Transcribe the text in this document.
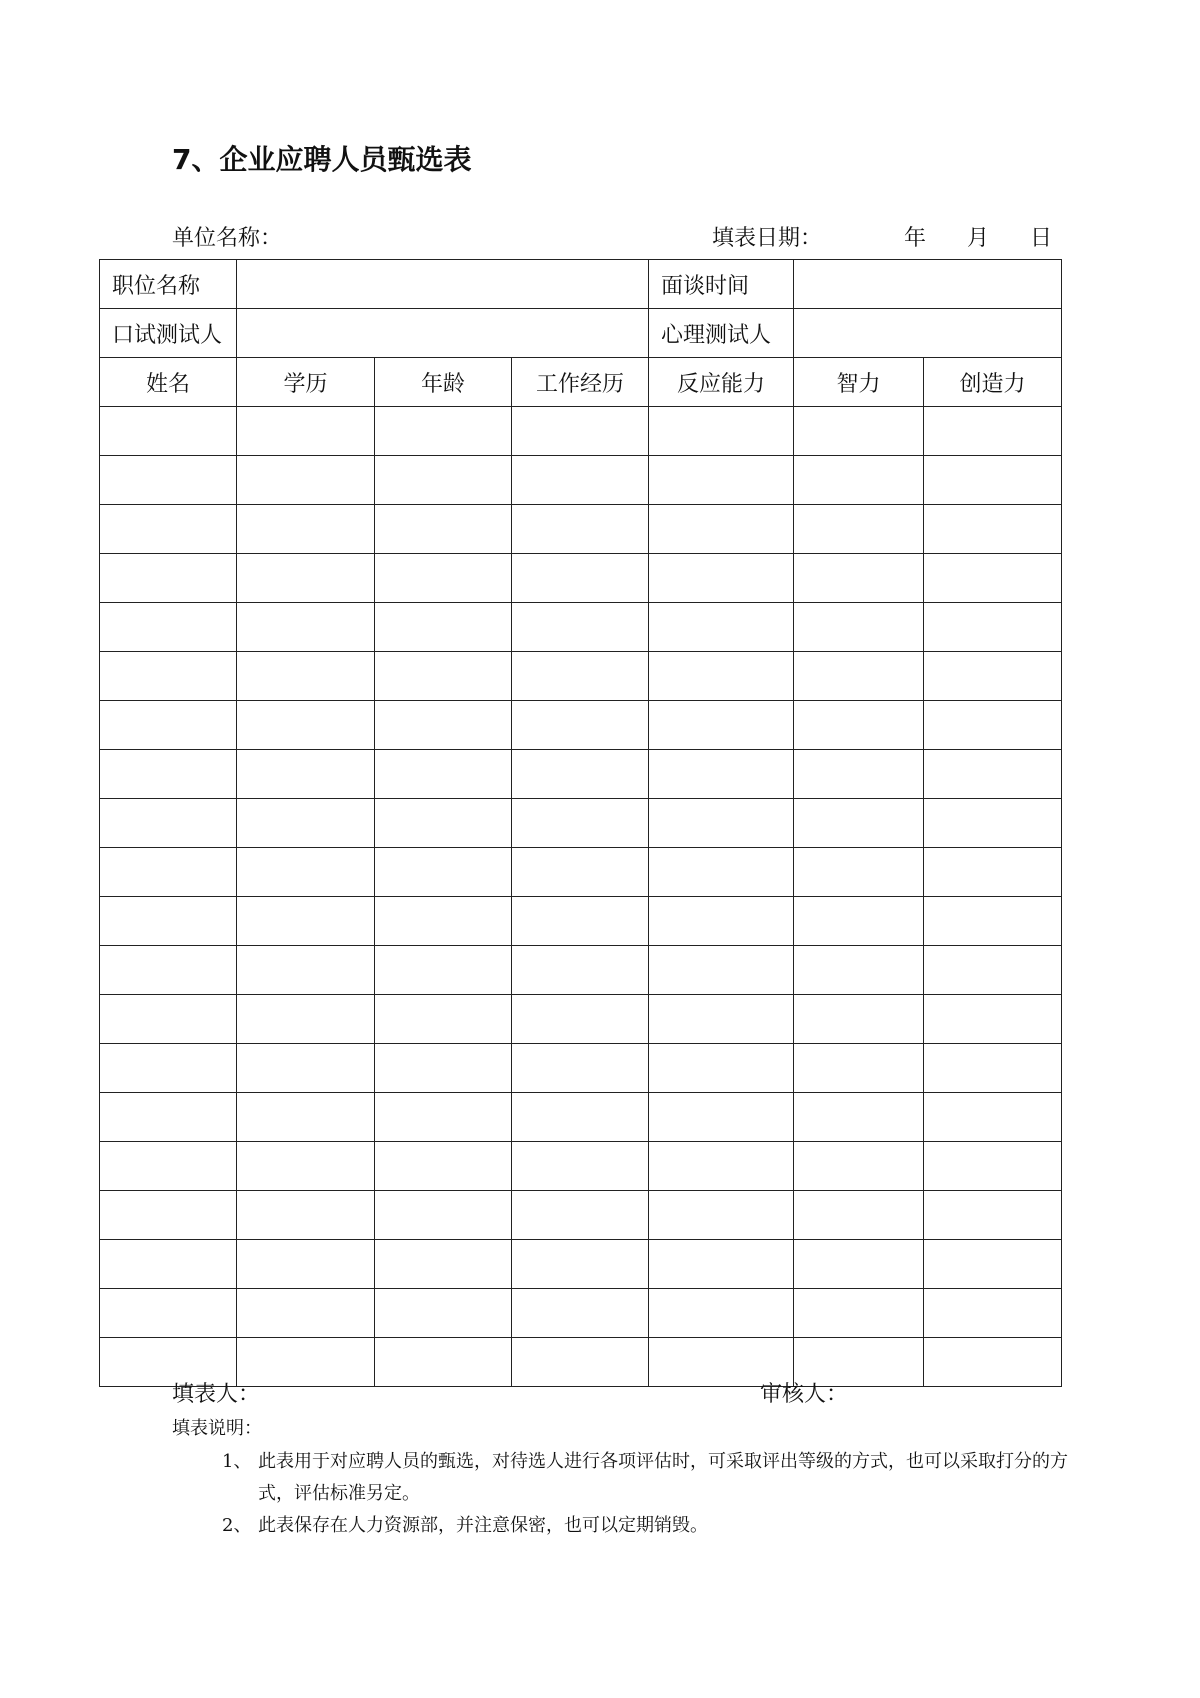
7、企业应聘人员甄选表
单位名称：	填表日期：	年 月 日
职位名称				面谈时间		
口试测试人				心理测试人		
姓名	学历	年龄	工作经历	反应能力	智力	创造力

填表人：	审核人：
填表说明：
1、 此表用于对应聘人员的甄选，对待选人进行各项评估时，可采取评出等级的方式，也可以采取打分的方式，评估标准另定。
2、 此表保存在人力资源部，并注意保密，也可以定期销毁。
